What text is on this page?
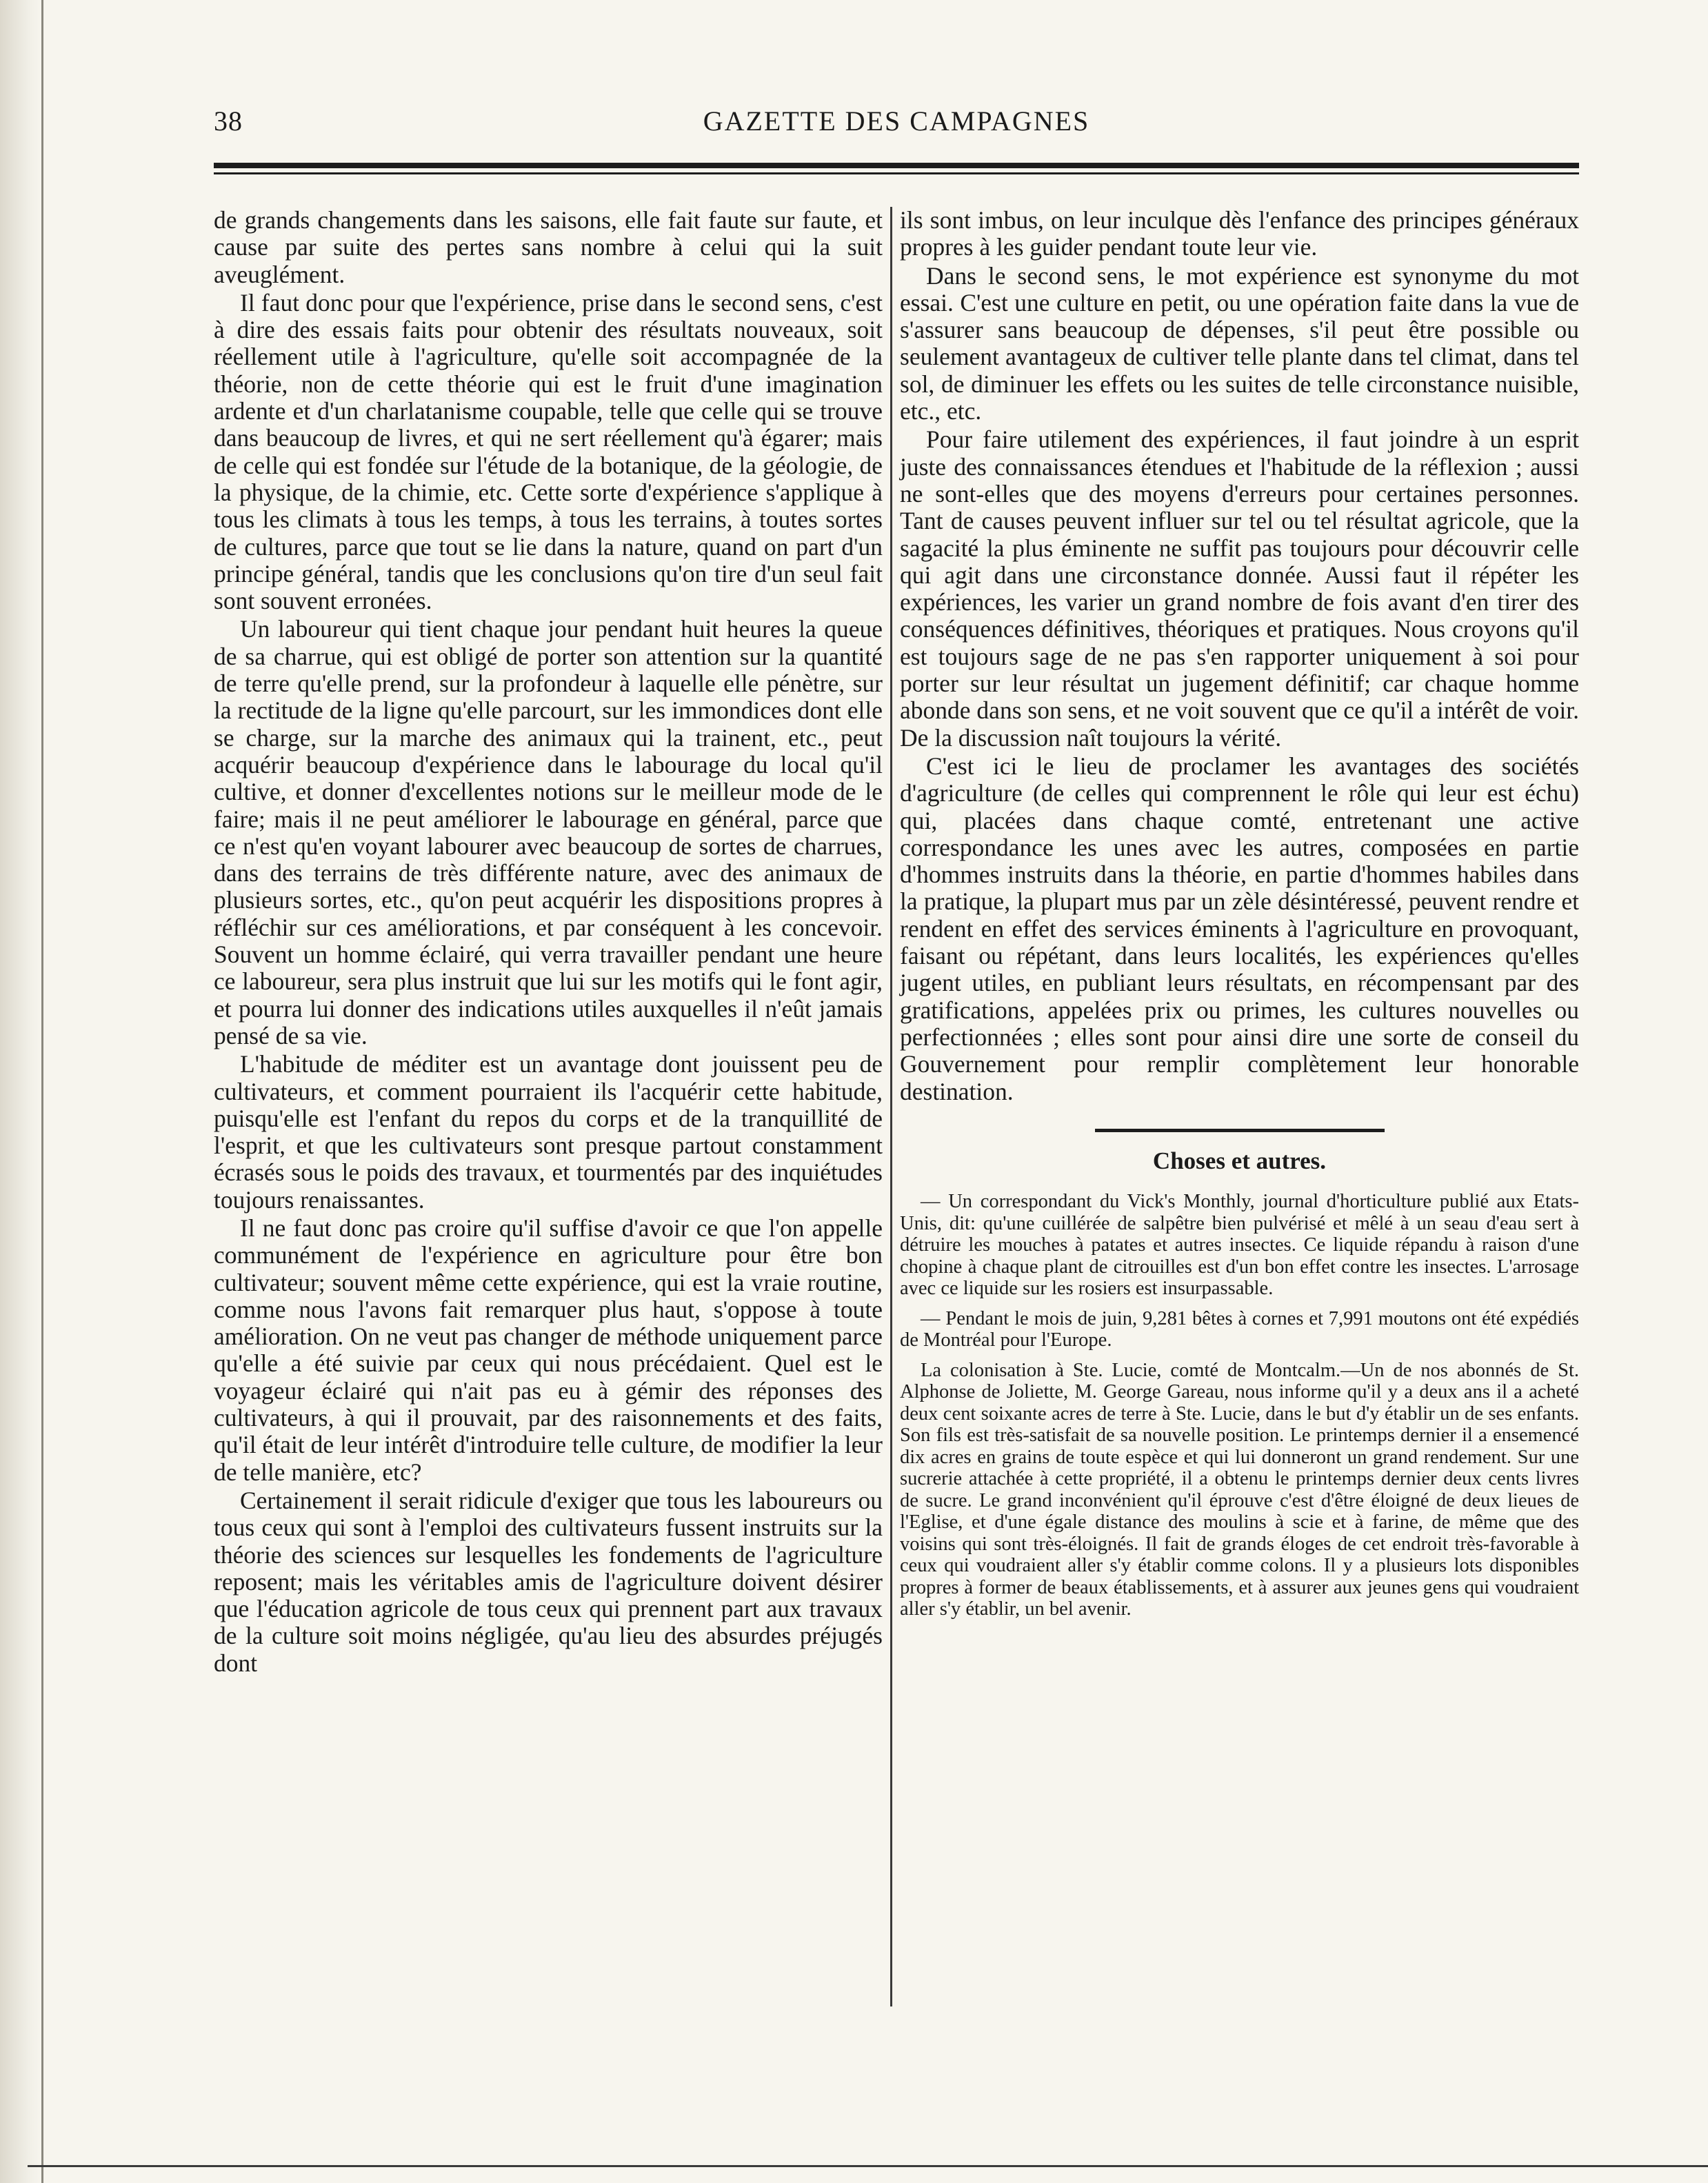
38	GAZETTE DES CAMPAGNES

de grands changements dans les saisons, elle fait faute sur faute, et cause par suite des pertes sans nombre à celui qui la suit aveuglément.

Il faut donc pour que l'expérience, prise dans le second sens, c'est à dire des essais faits pour obtenir des résultats nouveaux, soit réellement utile à l'agriculture, qu'elle soit accompagnée de la théorie, non de cette théorie qui est le fruit d'une imagination ardente et d'un charlatanisme coupable, telle que celle qui se trouve dans beaucoup de livres, et qui ne sert réellement qu'à égarer; mais de celle qui est fondée sur l'étude de la botanique, de la géologie, de la physique, de la chimie, etc. Cette sorte d'expérience s'applique à tous les climats à tous les temps, à tous les terrains, à toutes sortes de cultures, parce que tout se lie dans la nature, quand on part d'un principe général, tandis que les conclusions qu'on tire d'un seul fait sont souvent erronées.

Un laboureur qui tient chaque jour pendant huit heures la queue de sa charrue, qui est obligé de porter son attention sur la quantité de terre qu'elle prend, sur la profondeur à laquelle elle pénètre, sur la rectitude de la ligne qu'elle parcourt, sur les immondices dont elle se charge, sur la marche des animaux qui la trainent, etc., peut acquérir beaucoup d'expérience dans le labourage du local qu'il cultive, et donner d'excellentes notions sur le meilleur mode de le faire; mais il ne peut améliorer le labourage en général, parce que ce n'est qu'en voyant labourer avec beaucoup de sortes de charrues, dans des terrains de très différente nature, avec des animaux de plusieurs sortes, etc., qu'on peut acquérir les dispositions propres à réfléchir sur ces améliorations, et par conséquent à les concevoir. Souvent un homme éclairé, qui verra travailler pendant une heure ce laboureur, sera plus instruit que lui sur les motifs qui le font agir, et pourra lui donner des indications utiles auxquelles il n'eût jamais pensé de sa vie.

L'habitude de méditer est un avantage dont jouissent peu de cultivateurs, et comment pourraient ils l'acquérir cette habitude, puisqu'elle est l'enfant du repos du corps et de la tranquillité de l'esprit, et que les cultivateurs sont presque partout constamment écrasés sous le poids des travaux, et tourmentés par des inquiétudes toujours renaissantes.

Il ne faut donc pas croire qu'il suffise d'avoir ce que l'on appelle communément de l'expérience en agriculture pour être bon cultivateur; souvent même cette expérience, qui est la vraie routine, comme nous l'avons fait remarquer plus haut, s'oppose à toute amélioration. On ne veut pas changer de méthode uniquement parce qu'elle a été suivie par ceux qui nous précédaient. Quel est le voyageur éclairé qui n'ait pas eu à gémir des réponses des cultivateurs, à qui il prouvait, par des raisonnements et des faits, qu'il était de leur intérêt d'introduire telle culture, de modifier la leur de telle manière, etc?

Certainement il serait ridicule d'exiger que tous les laboureurs ou tous ceux qui sont à l'emploi des cultivateurs fussent instruits sur la théorie des sciences sur lesquelles les fondements de l'agriculture reposent; mais les véritables amis de l'agriculture doivent désirer que l'éducation agricole de tous ceux qui prennent part aux travaux de la culture soit moins négligée, qu'au lieu des absurdes préjugés dont

ils sont imbus, on leur inculque dès l'enfance des principes généraux propres à les guider pendant toute leur vie.

Dans le second sens, le mot expérience est synonyme du mot essai. C'est une culture en petit, ou une opération faite dans la vue de s'assurer sans beaucoup de dépenses, s'il peut être possible ou seulement avantageux de cultiver telle plante dans tel climat, dans tel sol, de diminuer les effets ou les suites de telle circonstance nuisible, etc., etc.

Pour faire utilement des expériences, il faut joindre à un esprit juste des connaissances étendues et l'habitude de la réflexion ; aussi ne sont-elles que des moyens d'erreurs pour certaines personnes. Tant de causes peuvent influer sur tel ou tel résultat agricole, que la sagacité la plus éminente ne suffit pas toujours pour découvrir celle qui agit dans une circonstance donnée. Aussi faut il répéter les expériences, les varier un grand nombre de fois avant d'en tirer des conséquences définitives, théoriques et pratiques. Nous croyons qu'il est toujours sage de ne pas s'en rapporter uniquement à soi pour porter sur leur résultat un jugement définitif; car chaque homme abonde dans son sens, et ne voit souvent que ce qu'il a intérêt de voir. De la discussion naît toujours la vérité.

C'est ici le lieu de proclamer les avantages des sociétés d'agriculture (de celles qui comprennent le rôle qui leur est échu) qui, placées dans chaque comté, entretenant une active correspondance les unes avec les autres, composées en partie d'hommes instruits dans la théorie, en partie d'hommes habiles dans la pratique, la plupart mus par un zèle désintéressé, peuvent rendre et rendent en effet des services éminents à l'agriculture en provoquant, faisant ou répétant, dans leurs localités, les expériences qu'elles jugent utiles, en publiant leurs résultats, en récompensant par des gratifications, appelées prix ou primes, les cultures nouvelles ou perfectionnées ; elles sont pour ainsi dire une sorte de conseil du Gouvernement pour remplir complètement leur honorable destination.

Choses et autres.

— Un correspondant du Vick's Monthly, journal d'horticulture publié aux Etats-Unis, dit: qu'une cuillérée de salpêtre bien pulvérisé et mêlé à un seau d'eau sert à détruire les mouches à patates et autres insectes. Ce liquide répandu à raison d'une chopine à chaque plant de citrouilles est d'un bon effet contre les insectes. L'arrosage avec ce liquide sur les rosiers est insurpassable.

— Pendant le mois de juin, 9,281 bêtes à cornes et 7,991 moutons ont été expédiés de Montréal pour l'Europe.

La colonisation à Ste. Lucie, comté de Montcalm.—Un de nos abonnés de St. Alphonse de Joliette, M. George Gareau, nous informe qu'il y a deux ans il a acheté deux cent soixante acres de terre à Ste. Lucie, dans le but d'y établir un de ses enfants. Son fils est très-satisfait de sa nouvelle position. Le printemps dernier il a ensemencé dix acres en grains de toute espèce et qui lui donneront un grand rendement. Sur une sucrerie attachée à cette propriété, il a obtenu le printemps dernier deux cents livres de sucre. Le grand inconvénient qu'il éprouve c'est d'être éloigné de deux lieues de l'Eglise, et d'une égale distance des moulins à scie et à farine, de même que des voisins qui sont très-éloignés. Il fait de grands éloges de cet endroit très-favorable à ceux qui voudraient aller s'y établir comme colons. Il y a plusieurs lots disponibles propres à former de beaux établissements, et à assurer aux jeunes gens qui voudraient aller s'y établir, un bel avenir.
